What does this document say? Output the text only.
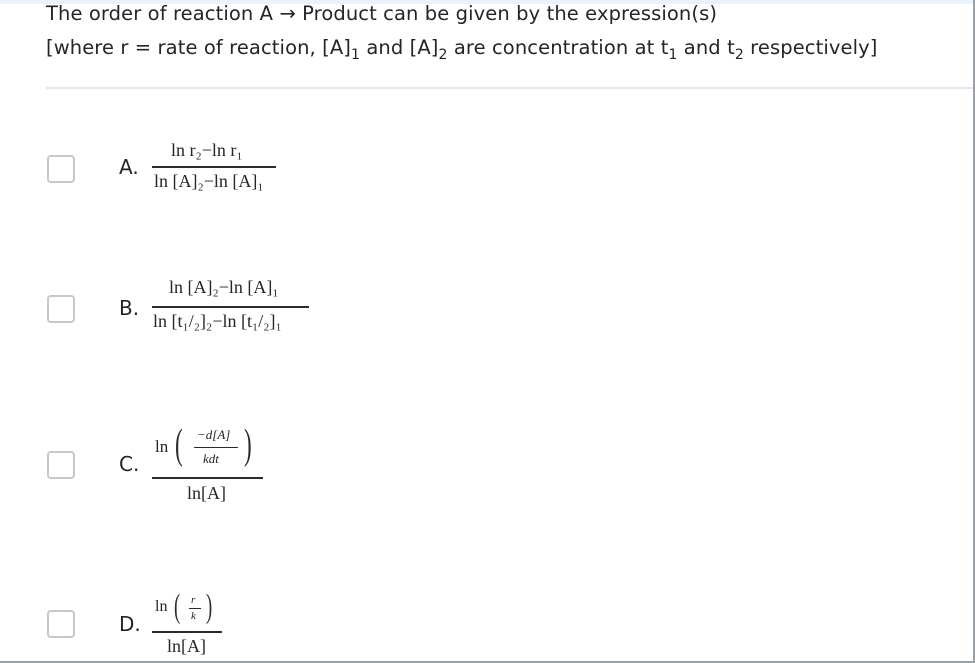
The order of reaction A → Product can be given by the expression(s)
[where r = rate of reaction, $[A]_1$ and $[A]_2$ are concentration at $t_1$ and $t_2$ respectively]
A.
ln r₂−ln r₁
ln [A]₂−ln [A]₁
B.
ln [A]₂−ln [A]₁
ln [t₁/₂]₂−ln [t₁/₂]₁
C.
ln ( −d[A]
kdt )
ln[A]
D.
ln ( r
k )
ln[A]
